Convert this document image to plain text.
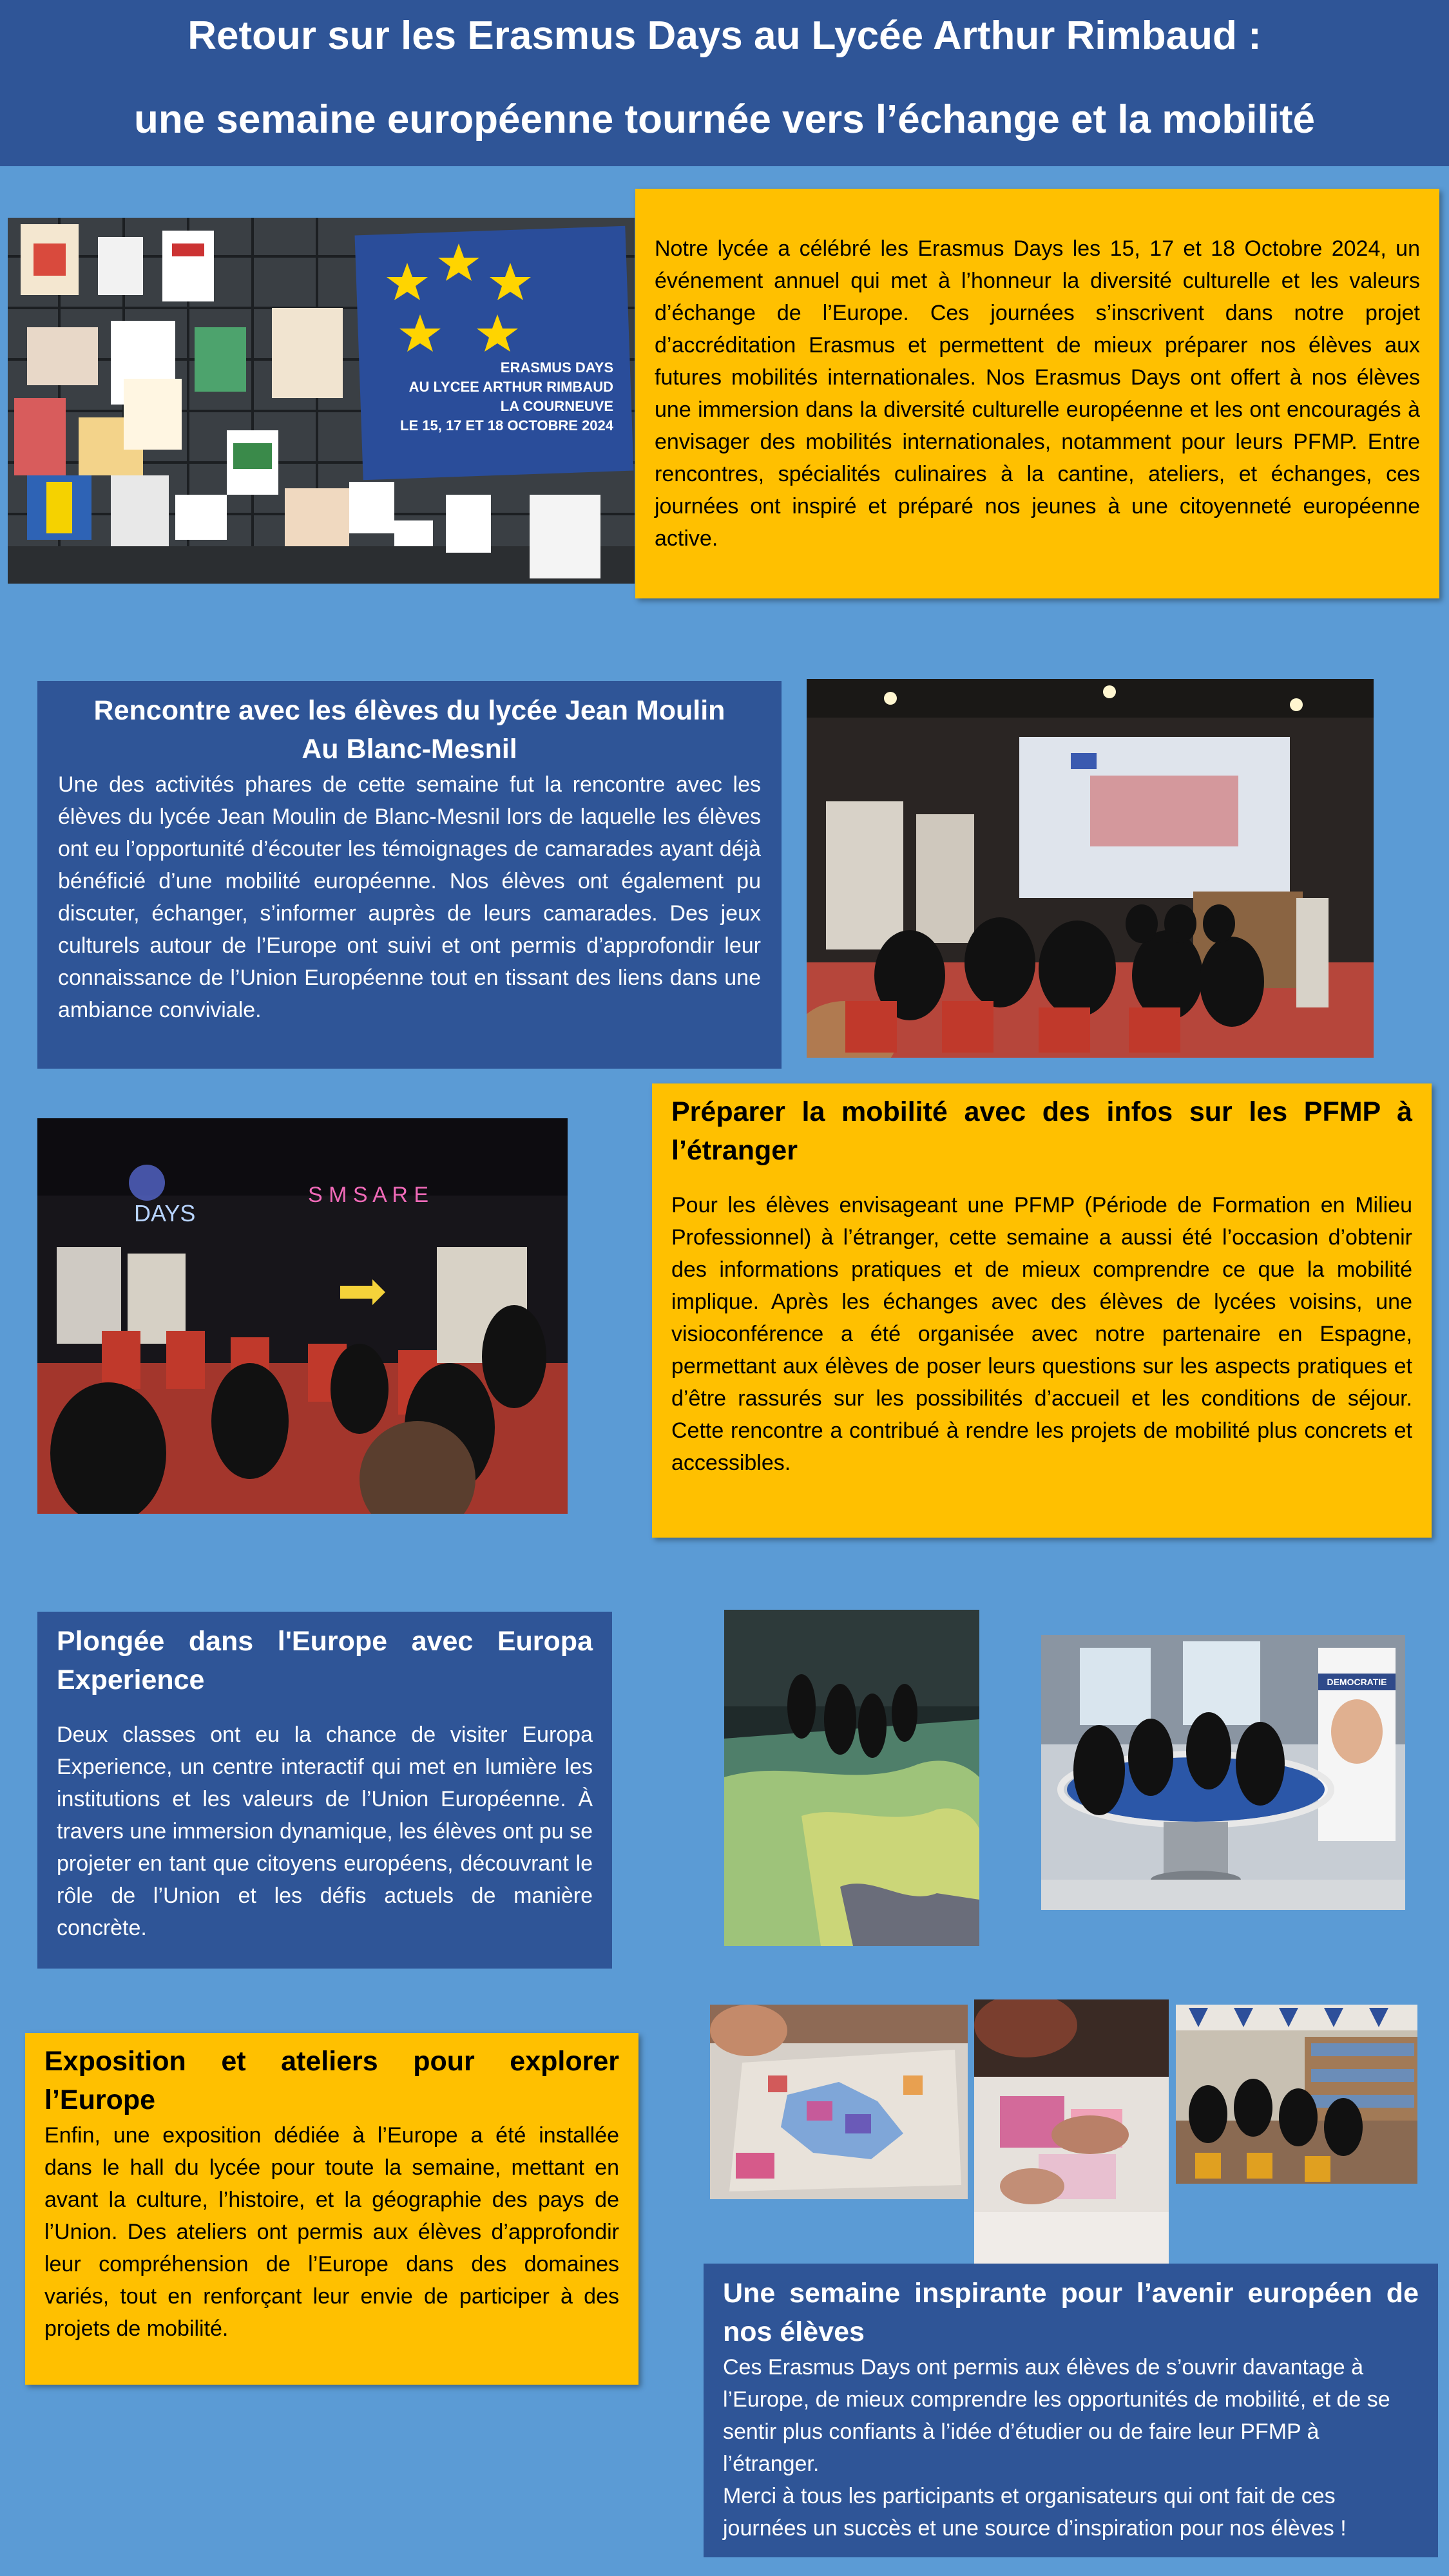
Retour sur les Erasmus Days au Lycée Arthur Rimbaud :
une semaine européenne tournée vers l’échange et la mobilité
ERASMUS DAYS
AU LYCEE ARTHUR RIMBAUD
LA COURNEUVE
LE 15, 17 ET 18 OCTOBRE 2024
Notre lycée a célébré les Erasmus Days les 15, 17 et 18 Octobre 2024, un événement annuel qui met à l’honneur la diversité culturelle et les valeurs d’échange de l’Europe. Ces journées s’inscrivent dans notre projet d’accréditation Erasmus et permettent de mieux préparer nos élèves aux futures mobilités internationales. Nos Erasmus Days ont offert à nos élèves une immersion dans la diversité culturelle européenne et les ont encouragés à envisager des mobilités internationales, notamment pour leurs PFMP. Entre rencontres, spécialités culinaires à la cantine, ateliers, et échanges, ces journées ont inspiré et préparé nos jeunes à une citoyenneté européenne active.
Rencontre avec les élèves du lycée Jean Moulin
Au Blanc-Mesnil
Une des activités phares de cette semaine fut la rencontre avec les élèves du lycée Jean Moulin de Blanc-Mesnil lors de laquelle les élèves ont eu l’opportunité d’écouter les témoignages de camarades ayant déjà bénéficié d’une mobilité européenne. Nos élèves ont également pu discuter, échanger, s’informer auprès de leurs camarades. Des jeux culturels autour de l’Europe ont suivi et ont permis d’approfondir leur connaissance de l’Union Européenne tout en tissant des liens dans une ambiance conviviale.
DAYS
S M S A R E
Préparer la mobilité avec des infos sur les PFMP à l’étranger
Pour les élèves envisageant une PFMP (Période de Formation en Milieu Professionnel) à l’étranger, cette semaine a aussi été l’occasion d’obtenir des informations pratiques et de mieux comprendre ce que la mobilité implique. Après les échanges avec des élèves de lycées voisins, une visioconférence a été organisée avec notre partenaire en Espagne, permettant aux élèves de poser leurs questions sur les aspects pratiques et d’être rassurés sur les possibilités d’accueil et les conditions de séjour. Cette rencontre a contribué à rendre les projets de mobilité plus concrets et accessibles.
Plongée dans l'Europe avec Europa Experience
Deux classes ont eu la chance de visiter Europa Experience, un centre interactif qui met en lumière les institutions et les valeurs de l’Union Européenne. À travers une immersion dynamique, les élèves ont pu se projeter en tant que citoyens européens, découvrant le rôle de l’Union et les défis actuels de manière concrète.
DEMOCRATIE
Exposition et ateliers pour explorer l’Europe
Enfin, une exposition dédiée à l’Europe a été installée dans le hall du lycée pour toute la semaine, mettant en avant la culture, l’histoire, et la géographie des pays de l’Union. Des ateliers ont permis aux élèves d’approfondir leur compréhension de l’Europe dans des domaines variés, tout en renforçant leur envie de participer à des projets de mobilité.
Une semaine inspirante pour l’avenir européen de nos élèves
Ces Erasmus Days ont permis aux élèves de s’ouvrir davantage à l’Europe, de mieux comprendre les opportunités de mobilité, et de se sentir plus confiants à l’idée d’étudier ou de faire leur PFMP à l’étranger.
Merci à tous les participants et organisateurs qui ont fait de ces journées un succès et une source d’inspiration pour nos élèves !
